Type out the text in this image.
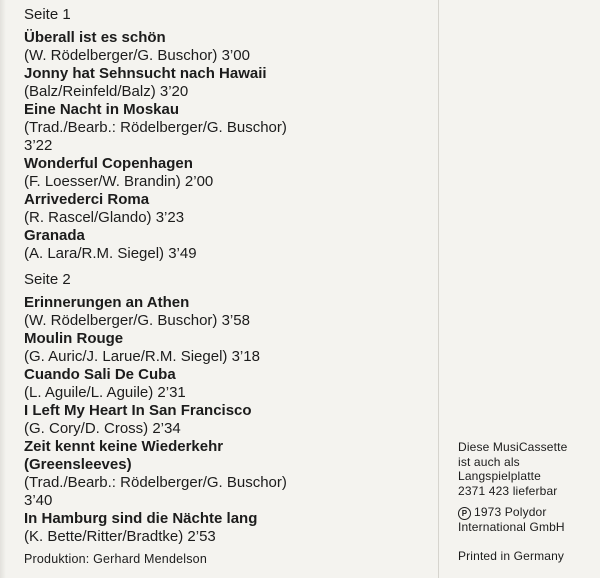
Seite 1

Überall ist es schön
(W. Rödelberger/G. Buschor) 3’00
Jonny hat Sehnsucht nach Hawaii
(Balz/Reinfeld/Balz) 3’20
Eine Nacht in Moskau
(Trad./Bearb.: Rödelberger/G. Buschor)
3’22
Wonderful Copenhagen
(F. Loesser/W. Brandin) 2’00
Arrivederci Roma
(R. Rascel/Glando) 3’23
Granada
(A. Lara/R.M. Siegel) 3’49

Seite 2

Erinnerungen an Athen
(W. Rödelberger/G. Buschor) 3’58
Moulin Rouge
(G. Auric/J. Larue/R.M. Siegel) 3’18
Cuando Sali De Cuba
(L. Aguile/L. Aguile) 2’31
I Left My Heart In San Francisco
(G. Cory/D. Cross) 2’34
Zeit kennt keine Wiederkehr
(Greensleeves)
(Trad./Bearb.: Rödelberger/G. Buschor)
3’40
In Hamburg sind die Nächte lang
(K. Bette/Ritter/Bradtke) 2’53
Produktion: Gerhard Mendelson
Diese MusiCassette
ist auch als
Langspielplatte
2371 423 lieferbar
P 1973 Polydor
International GmbH
Printed in Germany
